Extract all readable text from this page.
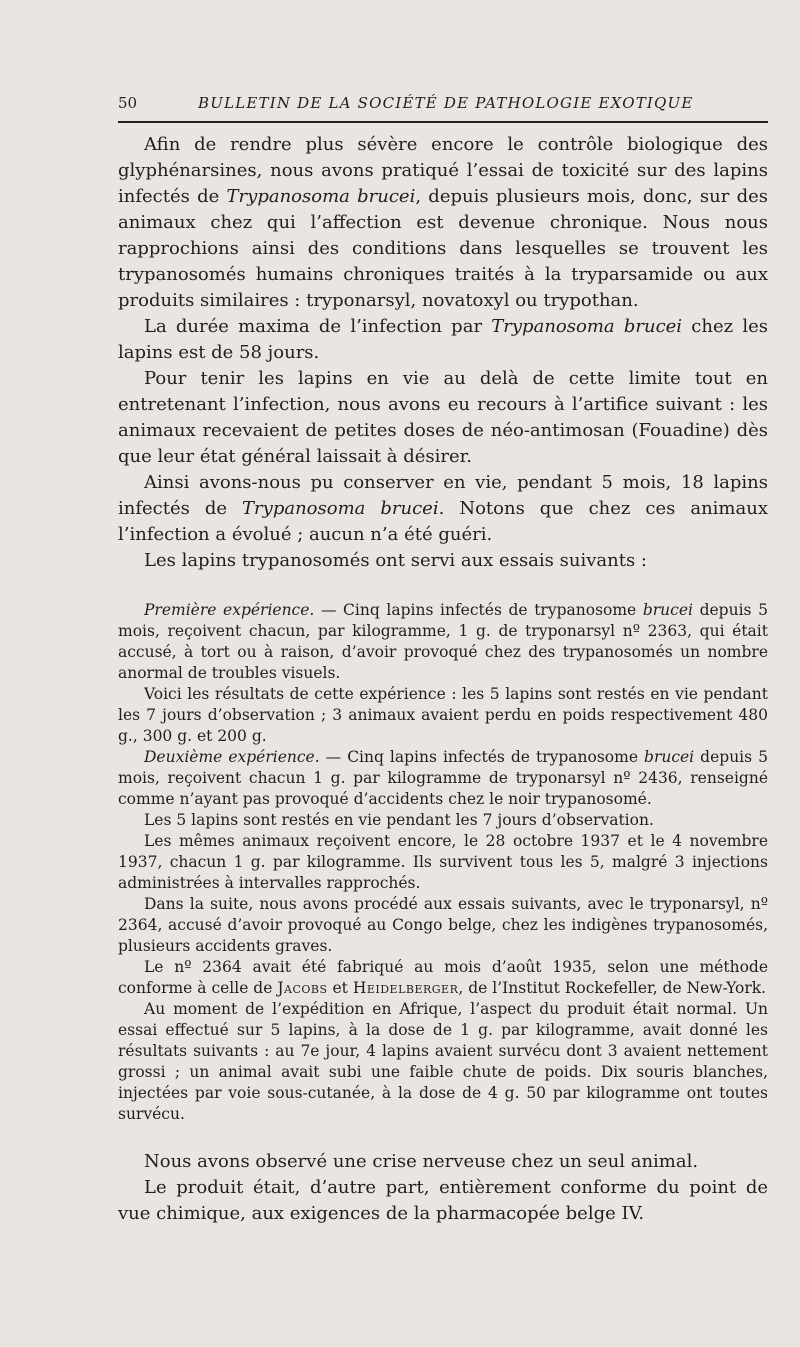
50	BULLETIN DE LA SOCIÉTÉ DE PATHOLOGIE EXOTIQUE

Afin de rendre plus sévère encore le contrôle biologique des glyphénarsines, nous avons pratiqué l’essai de toxicité sur des lapins infectés de Trypanosoma brucei, depuis plusieurs mois, donc, sur des animaux chez qui l’affection est devenue chronique. Nous nous rapprochions ainsi des conditions dans lesquelles se trouvent les trypanosomés humains chroniques traités à la tryparsamide ou aux produits similaires : tryponarsyl, novatoxyl ou trypothan.

La durée maxima de l’infection par Trypanosoma brucei chez les lapins est de 58 jours.

Pour tenir les lapins en vie au delà de cette limite tout en entretenant l’infection, nous avons eu recours à l’artifice suivant : les animaux recevaient de petites doses de néo-antimosan (Fouadine) dès que leur état général laissait à désirer.

Ainsi avons-nous pu conserver en vie, pendant 5 mois, 18 lapins infectés de Trypanosoma brucei. Notons que chez ces animaux l’infection a évolué ; aucun n’a été guéri.

Les lapins trypanosomés ont servi aux essais suivants :

Première expérience. — Cinq lapins infectés de trypanosome brucei depuis 5 mois, reçoivent chacun, par kilogramme, 1 g. de tryponarsyl nº 2363, qui était accusé, à tort ou à raison, d’avoir provoqué chez des trypanosomés un nombre anormal de troubles visuels.

Voici les résultats de cette expérience : les 5 lapins sont restés en vie pendant les 7 jours d’observation ; 3 animaux avaient perdu en poids respectivement 480 g., 300 g. et 200 g.

Deuxième expérience. — Cinq lapins infectés de trypanosome brucei depuis 5 mois, reçoivent chacun 1 g. par kilogramme de tryponarsyl nº 2436, renseigné comme n’ayant pas provoqué d’accidents chez le noir trypanosomé.

Les 5 lapins sont restés en vie pendant les 7 jours d’observation.

Les mêmes animaux reçoivent encore, le 28 octobre 1937 et le 4 novembre 1937, chacun 1 g. par kilogramme. Ils survivent tous les 5, malgré 3 injections administrées à intervalles rapprochés.

Dans la suite, nous avons procédé aux essais suivants, avec le tryponarsyl, nº 2364, accusé d’avoir provoqué au Congo belge, chez les indigènes trypanosomés, plusieurs accidents graves.

Le nº 2364 avait été fabriqué au mois d’août 1935, selon une méthode conforme à celle de Jacobs et Heidelberger, de l’Institut Rockefeller, de New-York.

Au moment de l’expédition en Afrique, l’aspect du produit était normal. Un essai effectué sur 5 lapins, à la dose de 1 g. par kilogramme, avait donné les résultats suivants : au 7e jour, 4 lapins avaient survécu dont 3 avaient nettement grossi ; un animal avait subi une faible chute de poids. Dix souris blanches, injectées par voie sous-cutanée, à la dose de 4 g. 50 par kilogramme ont toutes survécu.

Nous avons observé une crise nerveuse chez un seul animal.

Le produit était, d’autre part, entièrement conforme du point de vue chimique, aux exigences de la pharmacopée belge IV.
